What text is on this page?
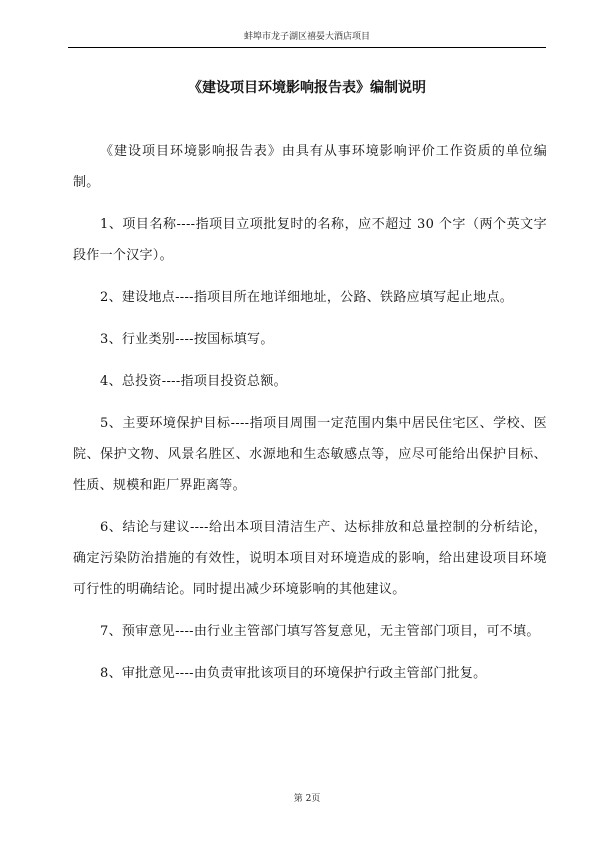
蚌埠市龙子湖区禧晏大酒店项目
《建设项目环境影响报告表》编制说明

《建设项目环境影响报告表》由具有从事环境影响评价工作资质的单位编制。

1、项目名称----指项目立项批复时的名称，应不超过 30 个字（两个英文字段作一个汉字）。

2、建设地点----指项目所在地详细地址，公路、铁路应填写起止地点。

3、行业类别----按国标填写。

4、总投资----指项目投资总额。

5、主要环境保护目标----指项目周围一定范围内集中居民住宅区、学校、医院、保护文物、风景名胜区、水源地和生态敏感点等，应尽可能给出保护目标、性质、规模和距厂界距离等。

6、结论与建议----给出本项目清洁生产、达标排放和总量控制的分析结论，确定污染防治措施的有效性，说明本项目对环境造成的影响，给出建设项目环境可行性的明确结论。同时提出减少环境影响的其他建议。

7、预审意见----由行业主管部门填写答复意见，无主管部门项目，可不填。

8、审批意见----由负责审批该项目的环境保护行政主管部门批复。

第 2页
